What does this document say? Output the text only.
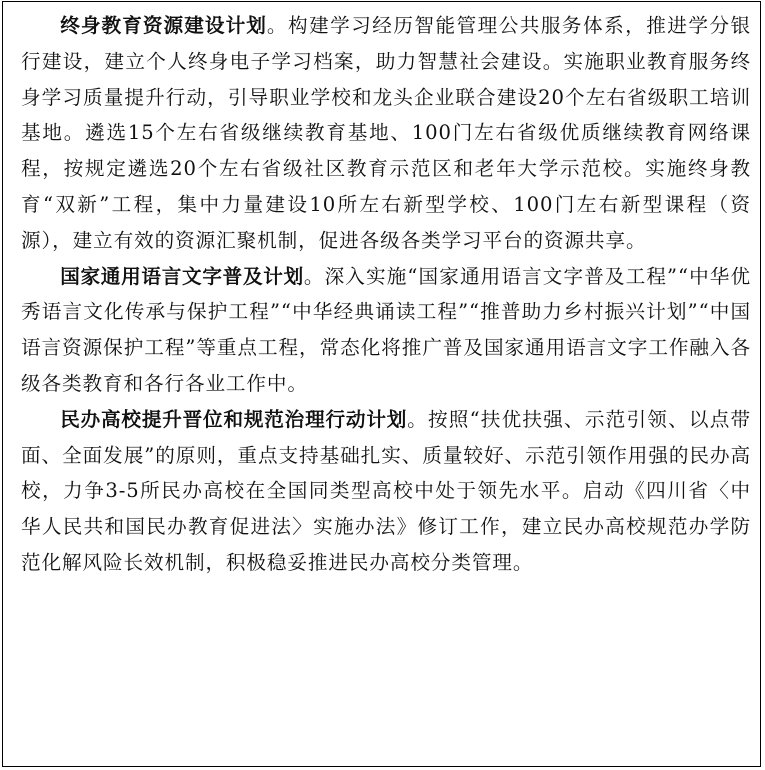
终身教育资源建设计划。构建学习经历智能管理公共服务体系，推进学分银行建设，建立个人终身电子学习档案，助力智慧社会建设。实施职业教育服务终身学习质量提升行动，引导职业学校和龙头企业联合建设20个左右省级职工培训基地。遴选15个左右省级继续教育基地、100门左右省级优质继续教育网络课程，按规定遴选20个左右省级社区教育示范区和老年大学示范校。实施终身教育“双新”工程，集中力量建设10所左右新型学校、100门左右新型课程（资源），建立有效的资源汇聚机制，促进各级各类学习平台的资源共享。

国家通用语言文字普及计划。深入实施“国家通用语言文字普及工程”“中华优秀语言文化传承与保护工程”“中华经典诵读工程”“推普助力乡村振兴计划”“中国语言资源保护工程”等重点工程，常态化将推广普及国家通用语言文字工作融入各级各类教育和各行各业工作中。

民办高校提升晋位和规范治理行动计划。按照“扶优扶强、示范引领、以点带面、全面发展”的原则，重点支持基础扎实、质量较好、示范引领作用强的民办高校，力争3-5所民办高校在全国同类型高校中处于领先水平。启动《四川省〈中华人民共和国民办教育促进法〉实施办法》修订工作，建立民办高校规范办学防范化解风险长效机制，积极稳妥推进民办高校分类管理。
